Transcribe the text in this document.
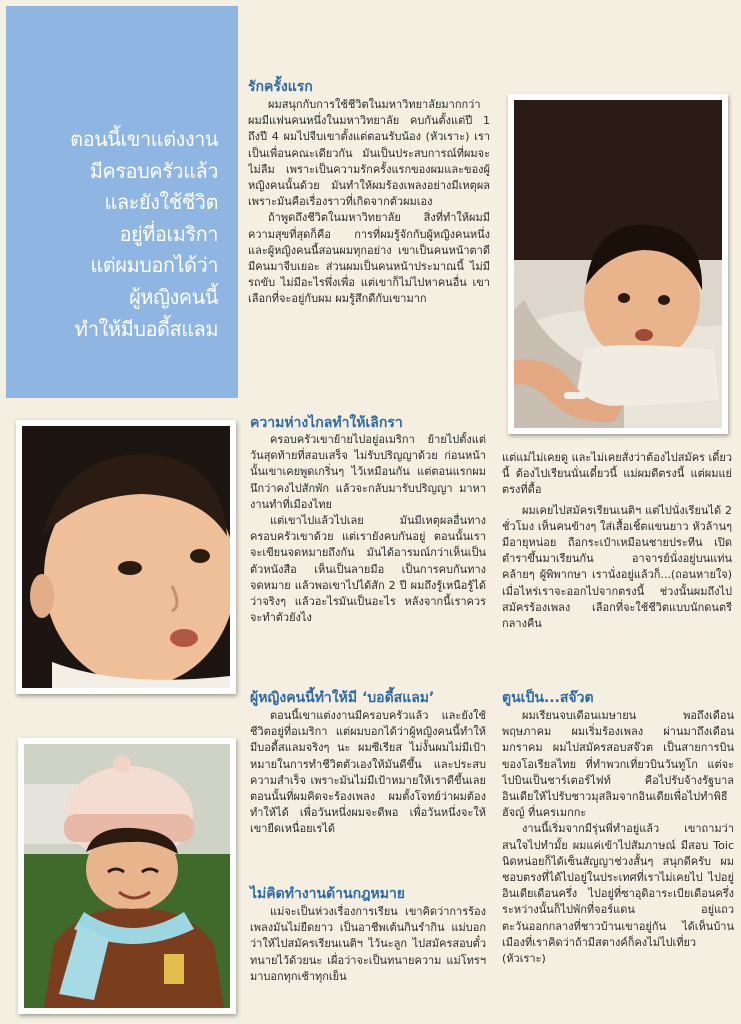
ตอนนี้เขาแต่งงาน
มีครอบครัวแล้ว
และยังใช้ชีวิต
อยู่ที่อเมริกา
แต่ผมบอกได้ว่า
ผู้หญิงคนนี้
ทำให้มีบอดี้สแลม
รักครั้งแรก

ผมสนุกกับการใช้ชีวิตในมหาวิทยาลัยมากกว่า ผมมีแฟนคนหนึ่งในมหาวิทยาลัย คบกันตั้งแต่ปี 1 ถึงปี 4 ผมไปจีบเขาตั้งแต่ตอนรับน้อง (หัวเราะ) เราเป็นเพื่อนคณะเดียวกัน มันเป็นประสบการณ์ที่ผมจะไม่ลืม เพราะเป็นความรักครั้งแรกของผมและของผู้หญิงคนนั้นด้วย มันทำให้ผมร้องเพลงอย่างมีเหตุผล เพราะมันคือเรื่องราวที่เกิดจากตัวผมเอง

ถ้าพูดถึงชีวิตในมหาวิทยาลัย สิ่งที่ทำให้ผมมีความสุขที่สุดก็คือ การที่ผมรู้จักกับผู้หญิงคนหนึ่ง และผู้หญิงคนนี้สอนผมทุกอย่าง เขาเป็นคนหน้าตาดี มีคนมาจีบเยอะ ส่วนผมเป็นคนหน้าประมาณนี้ ไม่มีรถขับ ไม่มีอะไรพึ่งเพื่อ แต่เขาก็ไม่ไปหาคนอื่น เขาเลือกที่จะอยู่กับผม ผมรู้สึกดีกับเขามาก

ความห่างไกลทำให้เลิกรา

ครอบครัวเขาย้ายไปอยู่อเมริกา ย้ายไปตั้งแต่วันสุดท้ายที่สอบเสร็จ ไม่รับปริญญาด้วย ก่อนหน้านั้นเขาเคยพูดเกริ่นๆ ไว้เหมือนกัน แต่ตอนแรกผมนึกว่าคงไปสักพัก แล้วจะกลับมารับปริญญา มาหางานทำที่เมืองไทย

แต่เขาไปแล้วไปเลย มันมีเหตุผลอื่นทางครอบครัวเขาด้วย แต่เรายังคบกันอยู่ ตอนนั้นเราจะเขียนจดหมายถึงกัน มันได้อารมณ์กว่าเห็นเป็นตัวหนังสือ เห็นเป็นลายมือ เป็นการคบกันทางจดหมาย แล้วพอเขาไปได้สัก 2 ปี ผมถึงรู้เหนือรู้ได้ว่าจริงๆ แล้วอะไรมันเป็นอะไร หลังจากนี้เราควรจะทำตัวยังไง

แต่แม่ไม่เคยดู และไม่เคยสั่งว่าต้องไปสมัคร เดี๋ยวนี้ ต้องไปเรียนนั่นเดี๋ยวนี้ แม่ผมดีตรงนี้ แต่ผมแย่ตรงที่ดื้อ

ผมเคยไปสมัครเรียนเนติฯ แต่ไปนั่งเรียนได้ 2 ชั่วโมง เห็นคนข้างๆ ใส่เสื้อเชิ้ตแขนยาว หัวล้านๆ มีอายุหน่อย ถือกระเป๋าเหมือนชายประทีน เปิดตำราขึ้นมาเรียนกัน อาจารย์นั่งอยู่บนแท่น คล้ายๆ ผู้พิพากษา เรานั่งอยู่แล้วก็...(ถอนหายใจ) เมื่อไหร่เราจะออกไปจากตรงนี้ ช่วงนั้นผมถึงไปสมัครร้องเพลง เลือกที่จะใช้ชีวิตแบบนักดนตรีกลางคืน

ผู้หญิงคนนี้ทำให้มี ‘บอดี้สแลม’

ตอนนี้เขาแต่งงานมีครอบครัวแล้ว และยังใช้ชีวิตอยู่ที่อเมริกา แต่ผมบอกได้ว่าผู้หญิงคนนี้ทำให้มีบอดี้สแลมจริงๆ นะ ผมซีเรียส ไม่งั้นผมไม่มีเป้าหมายในการทำชีวิตตัวเองให้มันดีขึ้น และประสบความสำเร็จ เพราะมันไม่มีเป้าหมายให้เราดีขึ้นเลย ตอนนั้นที่ผมคิดจะร้องเพลง ผมตั้งโจทย์ว่าผมต้องทำให้ได้ เพื่อวันหนึ่งผมจะดีพอ เพื่อวันหนึ่งจะให้เขายืดเหนื่อยเรได้

ไม่คิดทำงานด้านกฎหมาย

แม่จะเป็นห่วงเรื่องการเรียน เขาคิดว่าการร้องเพลงมันไม่ยืดยาว เป็นอาชีพเต้นกินรำกิน แม่บอกว่าให้ไปสมัครเรียนเนติฯ ไว้นะลูก ไปสมัครสอบตั๋วทนายไว้ด้วยนะ เผื่อว่าจะเป็นทนายความ แม่โทรฯ มาบอกทุกเช้าทุกเย็น

ตูนเป็น...สจ๊วต

ผมเรียนจบเดือนเมษายน พอถึงเดือนพฤษภาคม ผมเริ่มร้องเพลง ผ่านมาถึงเดือนมกราคม ผมไปสมัครสอบสจ๊วต เป็นสายการบินของโอเรียลไทย ที่ทำพวกเที่ยวบินวันทูโก แต่จะไปบินเป็นชาร์เตอร์ไฟท์ คือไปรับจ้างรัฐบาลอินเดียให้ไปรับชาวมุสลิมจากอินเดียเพื่อไปทำพิธีฮัจญ์ ที่นครเมกกะ

งานนี้เริ่มจากมีรุ่นพี่ทำอยู่แล้ว เขาถามว่าสนใจไปทำมั้ย ผมแค่เข้าไปสัมภาษณ์ มีสอบ Toic นิดหน่อยก็ได้เซ็นสัญญาช่วงสั้นๆ สนุกดีครับ ผมชอบตรงที่ได้ไปอยู่ในประเทศที่เราไม่เคยไป ไปอยู่อินเดียเดือนครึ่ง ไปอยู่ที่ซาอุดิอาระเบียเดือนครึ่ง ระหว่างนั้นก็ไปพักที่จอร์แดน อยู่แถวตะวันออกกลางที่ชาวบ้านเขาอยู่กัน ได้เห็นบ้านเมืองที่เราคิดว่าถ้ามีสตางค์ก็คงไม่ไปเที่ยว (หัวเราะ)
